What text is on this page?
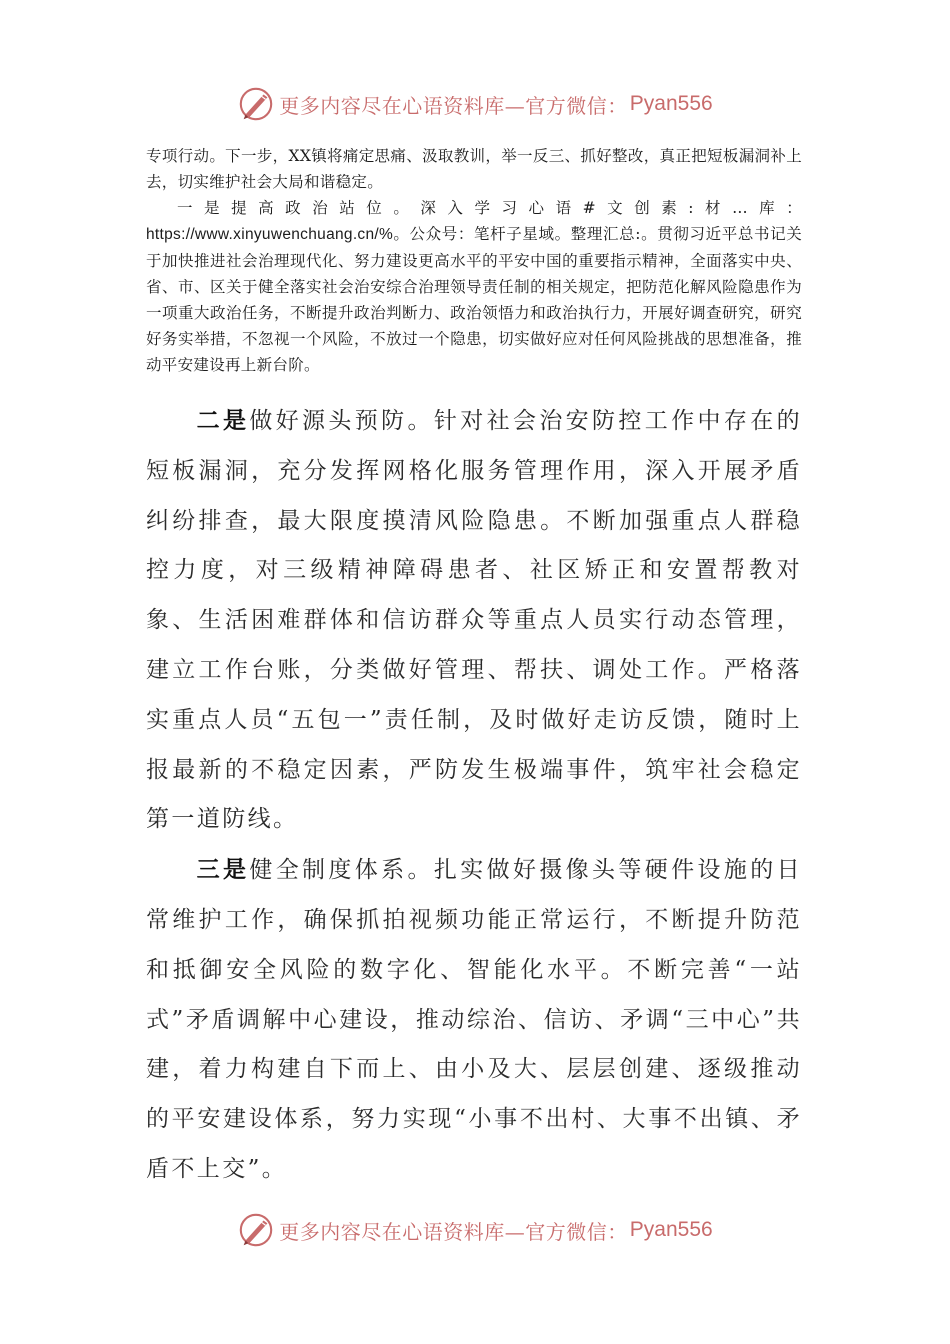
更多内容尽在心语资料库—官方微信： Pyan556

专项行动。下一步，XX镇将痛定思痛、汲取教训，举一反三、抓好整改，真正把短板漏洞补上去，切实维护社会大局和谐稳定。

一是提高政治站位。深入学习心语#文创素:材…库：https://www.xinyuwenchuang.cn/%。公众号：笔杆子星域。整理汇总:。贯彻习近平总书记关于加快推进社会治理现代化、努力建设更高水平的平安中国的重要指示精神，全面落实中央、省、市、区关于健全落实社会治安综合治理领导责任制的相关规定，把防范化解风险隐患作为一项重大政治任务，不断提升政治判断力、政治领悟力和政治执行力，开展好调查研究，研究好务实举措，不忽视一个风险，不放过一个隐患，切实做好应对任何风险挑战的思想准备，推动平安建设再上新台阶。

二是做好源头预防。针对社会治安防控工作中存在的短板漏洞，充分发挥网格化服务管理作用，深入开展矛盾纠纷排查，最大限度摸清风险隐患。不断加强重点人群稳控力度，对三级精神障碍患者、社区矫正和安置帮教对象、生活困难群体和信访群众等重点人员实行动态管理，建立工作台账，分类做好管理、帮扶、调处工作。严格落实重点人员“五包一”责任制，及时做好走访反馈，随时上报最新的不稳定因素，严防发生极端事件，筑牢社会稳定第一道防线。

三是健全制度体系。扎实做好摄像头等硬件设施的日常维护工作，确保抓拍视频功能正常运行，不断提升防范和抵御安全风险的数字化、智能化水平。不断完善“一站式”矛盾调解中心建设，推动综治、信访、矛调“三中心”共建，着力构建自下而上、由小及大、层层创建、逐级推动的平安建设体系，努力实现“小事不出村、大事不出镇、矛盾不上交”。

更多内容尽在心语资料库—官方微信： Pyan556
